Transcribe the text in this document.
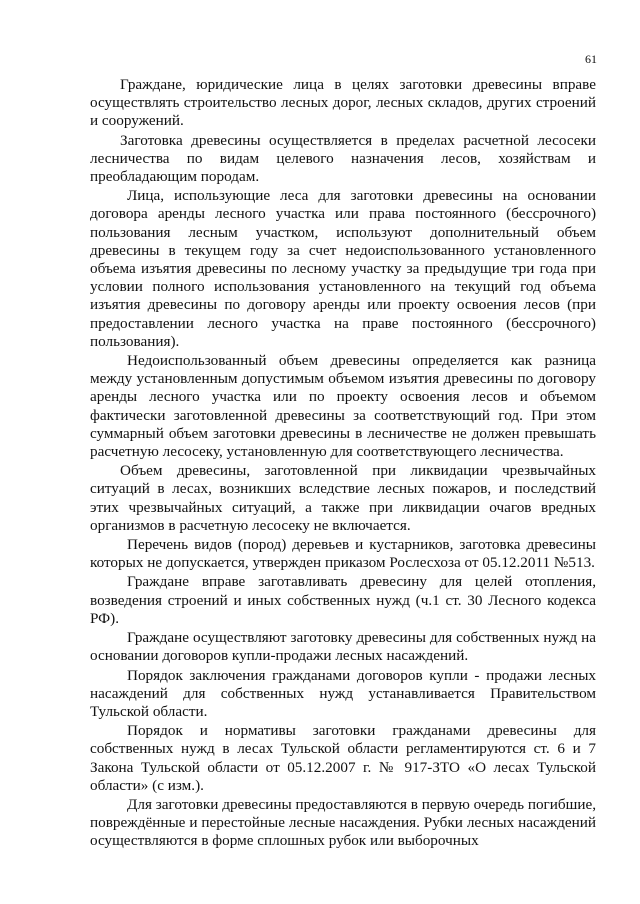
61

Граждане, юридические лица в целях заготовки древесины вправе осуществлять строительство лесных дорог, лесных складов, других строений и сооружений.

Заготовка древесины осуществляется в пределах расчетной лесосеки лесничества по видам целевого назначения лесов, хозяйствам и преобладающим породам.

Лица, использующие леса для заготовки древесины на основании договора аренды лесного участка или права постоянного (бессрочного) пользования лесным участком, используют дополнительный объем древесины в текущем году за счет недоиспользованного установленного объема изъятия древесины по лесному участку за предыдущие три года при условии полного использования установленного на текущий год объема изъятия древесины по договору аренды или проекту освоения лесов (при предоставлении лесного участка на праве постоянного (бессрочного) пользования).

Недоиспользованный объем древесины определяется как разница между установленным допустимым объемом изъятия древесины по договору аренды лесного участка или по проекту освоения лесов и объемом фактически заготовленной древесины за соответствующий год. При этом суммарный объем заготовки древесины в лесничестве не должен превышать расчетную лесосеку, установленную для соответствующего лесничества.

Объем древесины, заготовленной при ликвидации чрезвычайных ситуаций в лесах, возникших вследствие лесных пожаров, и последствий этих чрезвычайных ситуаций, а также при ликвидации очагов вредных организмов в расчетную лесосеку не включается.

Перечень видов (пород) деревьев и кустарников, заготовка древесины которых не допускается, утвержден приказом Рослесхоза от 05.12.2011 №513.

Граждане вправе заготавливать древесину для целей отопления, возведения строений и иных собственных нужд (ч.1 ст. 30 Лесного кодекса РФ).

Граждане осуществляют заготовку древесины для собственных нужд на основании договоров купли-продажи лесных насаждений.

Порядок заключения гражданами договоров купли - продажи лесных насаждений для собственных нужд устанавливается Правительством Тульской области.

Порядок и нормативы заготовки гражданами древесины для собственных нужд в лесах Тульской области регламентируются ст. 6 и 7 Закона Тульской области от 05.12.2007 г. № 917-ЗТО «О лесах Тульской области» (с изм.).

Для заготовки древесины предоставляются в первую очередь погибшие, повреждённые и перестойные лесные насаждения. Рубки лесных насаждений осуществляются в форме сплошных рубок или выборочных
